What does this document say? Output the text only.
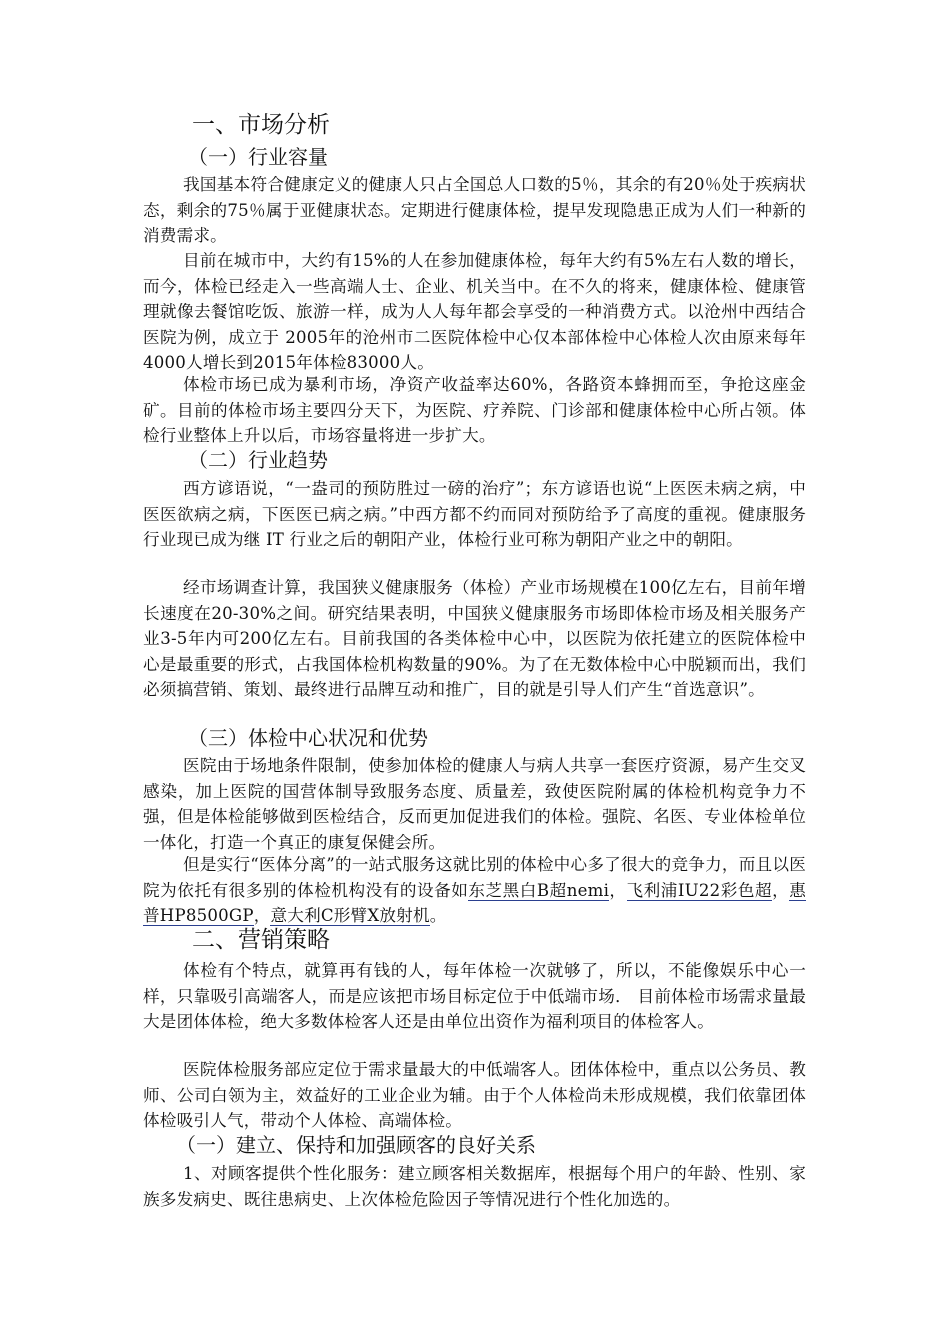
一、市场分析
（一）行业容量

我国基本符合健康定义的健康人只占全国总人口数的5％，其余的有20％处于疾病状态，剩余的75％属于亚健康状态。定期进行健康体检，提早发现隐患正成为人们一种新的消费需求。

目前在城市中，大约有15%的人在参加健康体检，每年大约有5%左右人数的增长，而今，体检已经走入一些高端人士、企业、机关当中。在不久的将来，健康体检、健康管理就像去餐馆吃饭、旅游一样，成为人人每年都会享受的一种消费方式。以沧州中西结合医院为例，成立于 2005年的沧州市二医院体检中心仅本部体检中心体检人次由原来每年 4000人增长到2015年体检83000人。

体检市场已成为暴利市场，净资产收益率达60%，各路资本蜂拥而至，争抢这座金矿。目前的体检市场主要四分天下，为医院、疗养院、门诊部和健康体检中心所占领。体检行业整体上升以后，市场容量将进一步扩大。

（二）行业趋势

西方谚语说，“一盎司的预防胜过一磅的治疗”；东方谚语也说“上医医未病之病，中医医欲病之病，下医医已病之病。”中西方都不约而同对预防给予了高度的重视。健康服务行业现已成为继 IT 行业之后的朝阳产业，体检行业可称为朝阳产业之中的朝阳。

经市场调查计算，我国狭义健康服务（体检）产业市场规模在100亿左右，目前年增长速度在20-30%之间。研究结果表明，中国狭义健康服务市场即体检市场及相关服务产业3-5年内可200亿左右。目前我国的各类体检中心中，以医院为依托建立的医院体检中心是最重要的形式，占我国体检机构数量的90%。为了在无数体检中心中脱颖而出，我们必须搞营销、策划、最终进行品牌互动和推广，目的就是引导人们产生“首选意识”。

（三）体检中心状况和优势

医院由于场地条件限制，使参加体检的健康人与病人共享一套医疗资源，易产生交叉感染，加上医院的国营体制导致服务态度、质量差，致使医院附属的体检机构竞争力不强，但是体检能够做到医检结合，反而更加促进我们的体检。强院、名医、专业体检单位一体化，打造一个真正的康复保健会所。

但是实行“医体分离”的一站式服务这就比别的体检中心多了很大的竞争力，而且以医院为依托有很多别的体检机构没有的设备如东芝黑白B超nemi，飞利浦IU22彩色超，惠普HP8500GP，意大利C形臂X放射机。

二、营销策略

体检有个特点，就算再有钱的人，每年体检一次就够了，所以，不能像娱乐中心一样，只靠吸引高端客人，而是应该把市场目标定位于中低端市场． 目前体检市场需求量最大是团体体检，绝大多数体检客人还是由单位出资作为福利项目的体检客人。

医院体检服务部应定位于需求量最大的中低端客人。团体体检中，重点以公务员、教师、公司白领为主，效益好的工业企业为辅。由于个人体检尚未形成规模，我们依靠团体体检吸引人气，带动个人体检、高端体检。

（一）建立、保持和加强顾客的良好关系

1、对顾客提供个性化服务：建立顾客相关数据库，根据每个用户的年龄、性别、家族多发病史、既往患病史、上次体检危险因子等情况进行个性化加选的。
